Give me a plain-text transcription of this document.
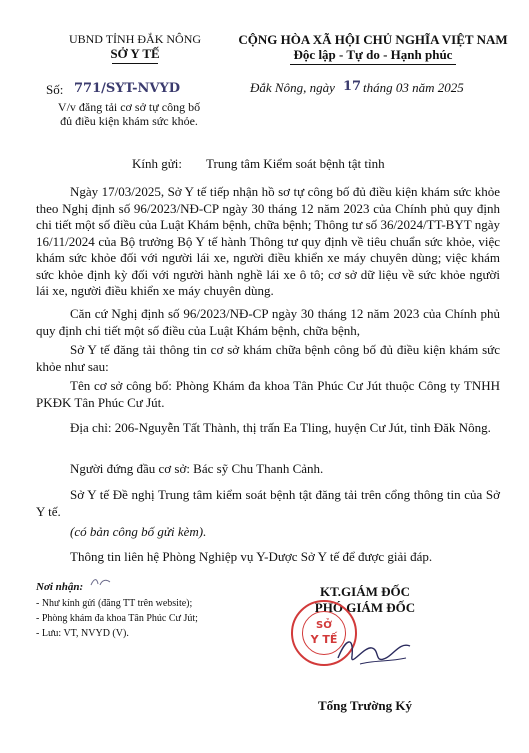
UBND TỈNH ĐẮK NÔNG
SỞ Y TẾ
CỘNG HÒA XÃ HỘI CHỦ NGHĨA VIỆT NAM
Độc lập - Tự do - Hạnh phúc
Số: 771/SYT-NVYD	Đắk Nông, ngày 17 tháng 03 năm 2025
V/v đăng tải cơ sở tự công bố
đủ điều kiện khám sức khỏe.
Kính gửi: Trung tâm Kiểm soát bệnh tật tỉnh
Ngày 17/03/2025, Sở Y tế tiếp nhận hồ sơ tự công bố đủ điều kiện khám sức khỏe theo Nghị định số 96/2023/NĐ-CP ngày 30 tháng 12 năm 2023 của Chính phủ quy định chi tiết một số điều của Luật Khám bệnh, chữa bệnh; Thông tư số 36/2024/TT-BYT ngày 16/11/2024 của Bộ trưởng Bộ Y tế hành Thông tư quy định về tiêu chuẩn sức khỏe, việc khám sức khỏe đối với người lái xe, người điều khiển xe máy chuyên dùng; việc khám sức khỏe định kỳ đối với người hành nghề lái xe ô tô; cơ sở dữ liệu về sức khỏe người lái xe, người điều khiển xe máy chuyên dùng.
Căn cứ Nghị định số 96/2023/NĐ-CP ngày 30 tháng 12 năm 2023 của Chính phủ quy định chi tiết một số điều của Luật Khám bệnh, chữa bệnh,
Sở Y tế đăng tải thông tin cơ sở khám chữa bệnh công bố đủ điều kiện khám sức khỏe như sau:
Tên cơ sở công bố: Phòng Khám đa khoa Tân Phúc Cư Jút thuộc Công ty TNHH PKĐK Tân Phúc Cư Jút.
Địa chỉ: 206-Nguyễn Tất Thành, thị trấn Ea Tling, huyện Cư Jút, tỉnh Đăk Nông.
Người đứng đầu cơ sở: Bác sỹ Chu Thanh Cảnh.
Sở Y tế Đề nghị Trung tâm kiểm soát bệnh tật đăng tải trên cổng thông tin của Sở Y tế.
(có bản công bố gửi kèm).
Thông tin liên hệ Phòng Nghiệp vụ Y-Dược Sở Y tế để được giải đáp.
Nơi nhận:
- Như kính gửi (đăng TT trên website);
- Phòng khám đa khoa Tân Phúc Cư Jút;
- Lưu: VT, NVYD (V).
KT.GIÁM ĐỐC
PHÓ GIÁM ĐỐC
SỞ
Y TẾ
Tống Trường Ký
